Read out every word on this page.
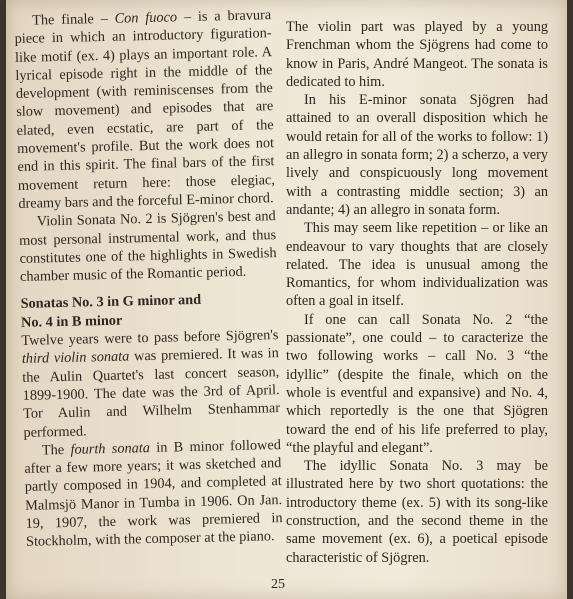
The finale – Con fuoco – is a bravura piece in which an introductory figuration-like motif (ex. 4) plays an important role. A lyrical episode right in the middle of the development (with reminiscenses from the slow movement) and episodes that are elated, even ecstatic, are part of the movement's profile. But the work does not end in this spirit. The final bars of the first movement return here: those elegiac, dreamy bars and the forceful E-minor chord.

Violin Sonata No. 2 is Sjögren's best and most personal instrumental work, and thus constitutes one of the highlights in Swedish chamber music of the Romantic period.

Sonatas No. 3 in G minor and
No. 4 in B minor

Twelve years were to pass before Sjögren's third violin sonata was premiered. It was in the Aulin Quartet's last concert season, 1899-1900. The date was the 3rd of April. Tor Aulin and Wilhelm Stenhammar performed.

The fourth sonata in B minor followed after a few more years; it was sketched and partly composed in 1904, and completed at Malmsjö Manor in Tumba in 1906. On Jan. 19, 1907, the work was premiered in Stockholm, with the composer at the piano.

The violin part was played by a young Frenchman whom the Sjögrens had come to know in Paris, André Mangeot. The sonata is dedicated to him.

In his E-minor sonata Sjögren had attained to an overall disposition which he would retain for all of the works to follow: 1) an allegro in sonata form; 2) a scherzo, a very lively and conspicuously long movement with a contrasting middle section; 3) an andante; 4) an allegro in sonata form.

This may seem like repetition – or like an endeavour to vary thoughts that are closely related. The idea is unusual among the Romantics, for whom individualization was often a goal in itself.

If one can call Sonata No. 2 “the passionate”, one could – to caracterize the two following works – call No. 3 “the idyllic” (despite the finale, which on the whole is eventful and expansive) and No. 4, which reportedly is the one that Sjögren toward the end of his life preferred to play, “the playful and elegant”.

The idyllic Sonata No. 3 may be illustrated here by two short quotations: the introductory theme (ex. 5) with its song-like construction, and the second theme in the same movement (ex. 6), a poetical episode characteristic of Sjögren.

25
